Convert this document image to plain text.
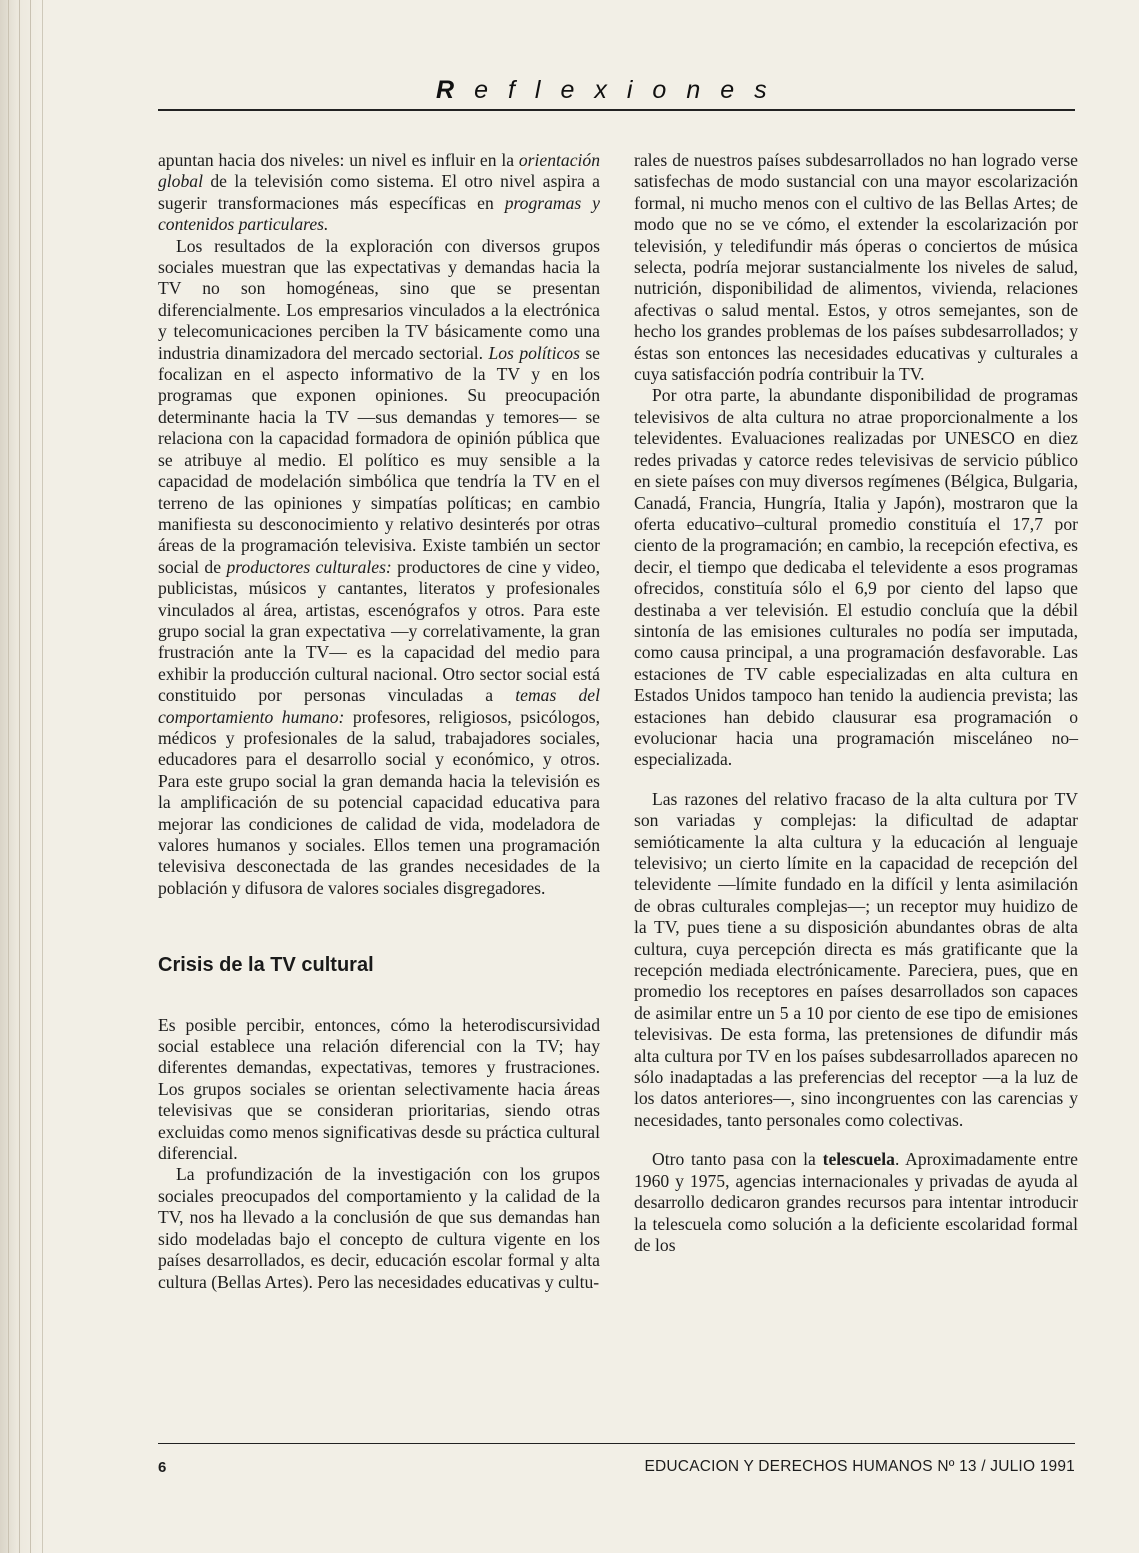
Reflexiones

apuntan hacia dos niveles: un nivel es influir en la orientación global de la televisión como sistema. El otro nivel aspira a sugerir transformaciones más específicas en programas y contenidos particulares.

Los resultados de la exploración con diversos grupos sociales muestran que las expectativas y demandas hacia la TV no son homogéneas, sino que se presentan diferencialmente. Los empresarios vinculados a la electrónica y telecomunicaciones perciben la TV básicamente como una industria dinamizadora del mercado sectorial. Los políticos se focalizan en el aspecto informativo de la TV y en los programas que exponen opiniones. Su preocupación determinante hacia la TV —sus demandas y temores— se relaciona con la capacidad formadora de opinión pública que se atribuye al medio. El político es muy sensible a la capacidad de modelación simbólica que tendría la TV en el terreno de las opiniones y simpatías políticas; en cambio manifiesta su desconocimiento y relativo desinterés por otras áreas de la programación televisiva. Existe también un sector social de productores culturales: productores de cine y video, publicistas, músicos y cantantes, literatos y profesionales vinculados al área, artistas, escenógrafos y otros. Para este grupo social la gran expectativa —y correlativamente, la gran frustración ante la TV— es la capacidad del medio para exhibir la producción cultural nacional. Otro sector social está constituido por personas vinculadas a temas del comportamiento humano: profesores, religiosos, psicólogos, médicos y profesionales de la salud, trabajadores sociales, educadores para el desarrollo social y económico, y otros. Para este grupo social la gran demanda hacia la televisión es la amplificación de su potencial capacidad educativa para mejorar las condiciones de calidad de vida, modeladora de valores humanos y sociales. Ellos temen una programación televisiva desconectada de las grandes necesidades de la población y difusora de valores sociales disgregadores.

Crisis de la TV cultural

Es posible percibir, entonces, cómo la heterodiscursividad social establece una relación diferencial con la TV; hay diferentes demandas, expectativas, temores y frustraciones. Los grupos sociales se orientan selectivamente hacia áreas televisivas que se consideran prioritarias, siendo otras excluidas como menos significativas desde su práctica cultural diferencial.

La profundización de la investigación con los grupos sociales preocupados del comportamiento y la calidad de la TV, nos ha llevado a la conclusión de que sus demandas han sido modeladas bajo el concepto de cultura vigente en los países desarrollados, es decir, educación escolar formal y alta cultura (Bellas Artes). Pero las necesidades educativas y cultu-

rales de nuestros países subdesarrollados no han logrado verse satisfechas de modo sustancial con una mayor escolarización formal, ni mucho menos con el cultivo de las Bellas Artes; de modo que no se ve cómo, el extender la escolarización por televisión, y teledifundir más óperas o conciertos de música selecta, podría mejorar sustancialmente los niveles de salud, nutrición, disponibilidad de alimentos, vivienda, relaciones afectivas o salud mental. Estos, y otros semejantes, son de hecho los grandes problemas de los países subdesarrollados; y éstas son entonces las necesidades educativas y culturales a cuya satisfacción podría contribuir la TV.

Por otra parte, la abundante disponibilidad de programas televisivos de alta cultura no atrae proporcionalmente a los televidentes. Evaluaciones realizadas por UNESCO en diez redes privadas y catorce redes televisivas de servicio público en siete países con muy diversos regímenes (Bélgica, Bulgaria, Canadá, Francia, Hungría, Italia y Japón), mostraron que la oferta educativo–cultural promedio constituía el 17,7 por ciento de la programación; en cambio, la recepción efectiva, es decir, el tiempo que dedicaba el televidente a esos programas ofrecidos, constituía sólo el 6,9 por ciento del lapso que destinaba a ver televisión. El estudio concluía que la débil sintonía de las emisiones culturales no podía ser imputada, como causa principal, a una programación desfavorable. Las estaciones de TV cable especializadas en alta cultura en Estados Unidos tampoco han tenido la audiencia prevista; las estaciones han debido clausurar esa programación o evolucionar hacia una programación misceláneo no–especializada.

Las razones del relativo fracaso de la alta cultura por TV son variadas y complejas: la dificultad de adaptar semióticamente la alta cultura y la educación al lenguaje televisivo; un cierto límite en la capacidad de recepción del televidente —límite fundado en la difícil y lenta asimilación de obras culturales complejas—; un receptor muy huidizo de la TV, pues tiene a su disposición abundantes obras de alta cultura, cuya percepción directa es más gratificante que la recepción mediada electrónicamente. Pareciera, pues, que en promedio los receptores en países desarrollados son capaces de asimilar entre un 5 a 10 por ciento de ese tipo de emisiones televisivas. De esta forma, las pretensiones de difundir más alta cultura por TV en los países subdesarrollados aparecen no sólo inadaptadas a las preferencias del receptor —a la luz de los datos anteriores—, sino incongruentes con las carencias y necesidades, tanto personales como colectivas.

Otro tanto pasa con la telescuela. Aproximadamente entre 1960 y 1975, agencias internacionales y privadas de ayuda al desarrollo dedicaron grandes recursos para intentar introducir la telescuela como solución a la deficiente escolaridad formal de los

6	EDUCACION Y DERECHOS HUMANOS Nº 13 / JULIO 1991
